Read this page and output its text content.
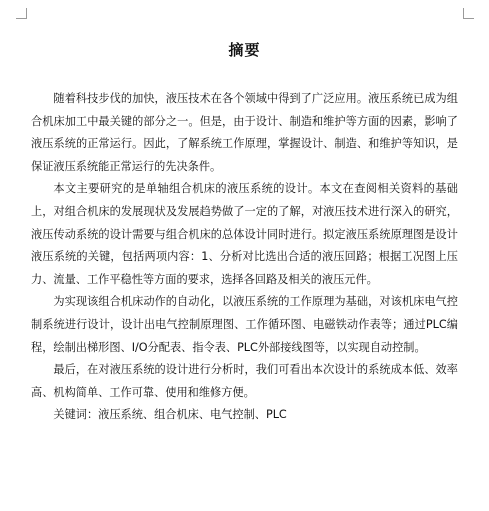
摘要

随着科技步伐的加快，液压技术在各个领域中得到了广泛应用。液压系统已成为组合机床加工中最关键的部分之一。但是，由于设计、制造和维护等方面的因素，影响了液压系统的正常运行。因此，了解系统工作原理，掌握设计、制造、和维护等知识，是保证液压系统能正常运行的先决条件。

本文主要研究的是单轴组合机床的液压系统的设计。本文在查阅相关资料的基础上，对组合机床的发展现状及发展趋势做了一定的了解，对液压技术进行深入的研究，液压传动系统的设计需要与组合机床的总体设计同时进行。拟定液压系统原理图是设计液压系统的关键，包括两项内容：1、分析对比选出合适的液压回路；根据工况图上压力、流量、工作平稳性等方面的要求，选择各回路及相关的液压元件。

为实现该组合机床动作的自动化，以液压系统的工作原理为基础，对该机床电气控制系统进行设计，设计出电气控制原理图、工作循环图、电磁铁动作表等；通过PLC编程，绘制出梯形图、I/O分配表、指令表、PLC外部接线图等，以实现自动控制。

最后，在对液压系统的设计进行分析时，我们可看出本次设计的系统成本低、效率高、机构简单、工作可靠、使用和维修方便。

关键词：液压系统、组合机床、电气控制、PLC
